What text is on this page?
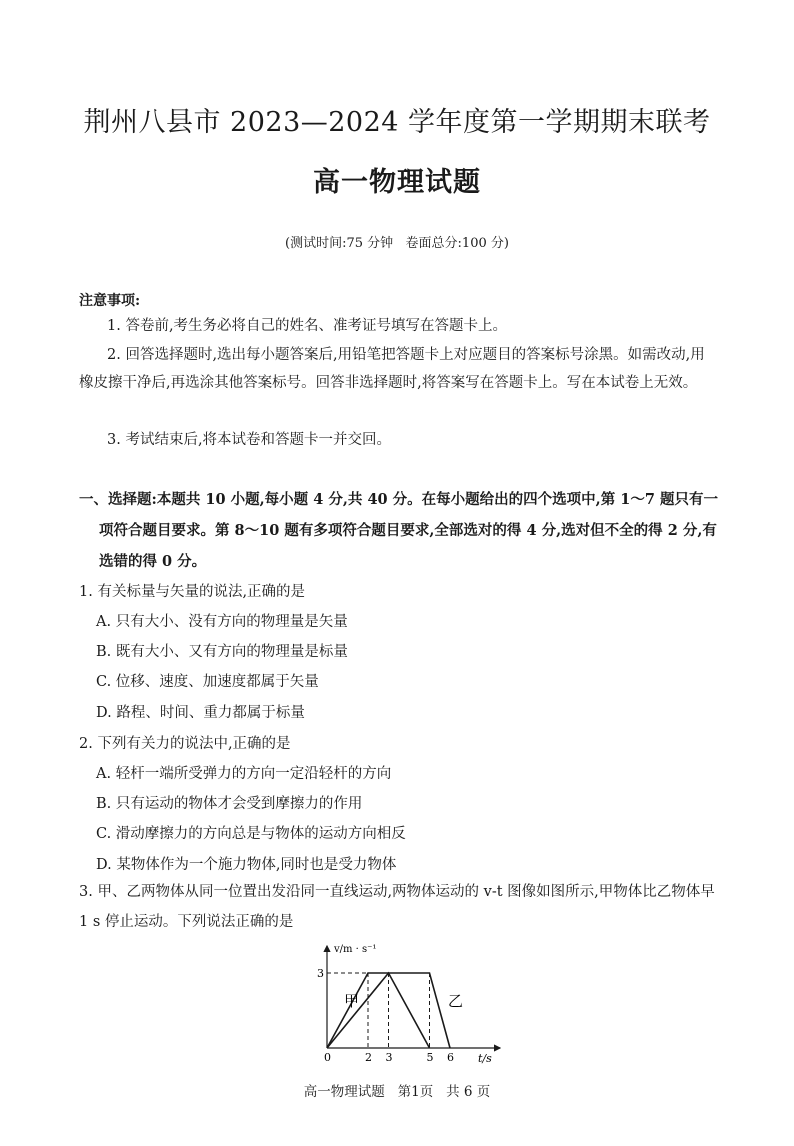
荆州八县市 2023—2024 学年度第一学期期末联考
高一物理试题
(测试时间:75 分钟   卷面总分:100 分)
注意事项:
1. 答卷前,考生务必将自己的姓名、准考证号填写在答题卡上。
2. 回答选择题时,选出每小题答案后,用铅笔把答题卡上对应题目的答案标号涂黑。如需改动,用橡皮擦干净后,再选涂其他答案标号。回答非选择题时,将答案写在答题卡上。写在本试卷上无效。
3. 考试结束后,将本试卷和答题卡一并交回。
一、选择题:本题共 10 小题,每小题 4 分,共 40 分。在每小题给出的四个选项中,第 1～7 题只有一项符合题目要求。第 8～10 题有多项符合题目要求,全部选对的得 4 分,选对但不全的得 2 分,有选错的得 0 分。
1. 有关标量与矢量的说法,正确的是
A. 只有大小、没有方向的物理量是矢量
B. 既有大小、又有方向的物理量是标量
C. 位移、速度、加速度都属于矢量
D. 路程、时间、重力都属于标量
2. 下列有关力的说法中,正确的是
A. 轻杆一端所受弹力的方向一定沿轻杆的方向
B. 只有运动的物体才会受到摩擦力的作用
C. 滑动摩擦力的方向总是与物体的运动方向相反
D. 某物体作为一个施力物体,同时也是受力物体
3. 甲、乙两物体从同一位置出发沿同一直线运动,两物体运动的 v-t 图像如图所示,甲物体比乙物体早 1 s 停止运动。下列说法正确的是
0	2 3	5 6
3
v/m · s⁻¹
t/s
甲	乙
高一物理试题   第1页   共 6 页
